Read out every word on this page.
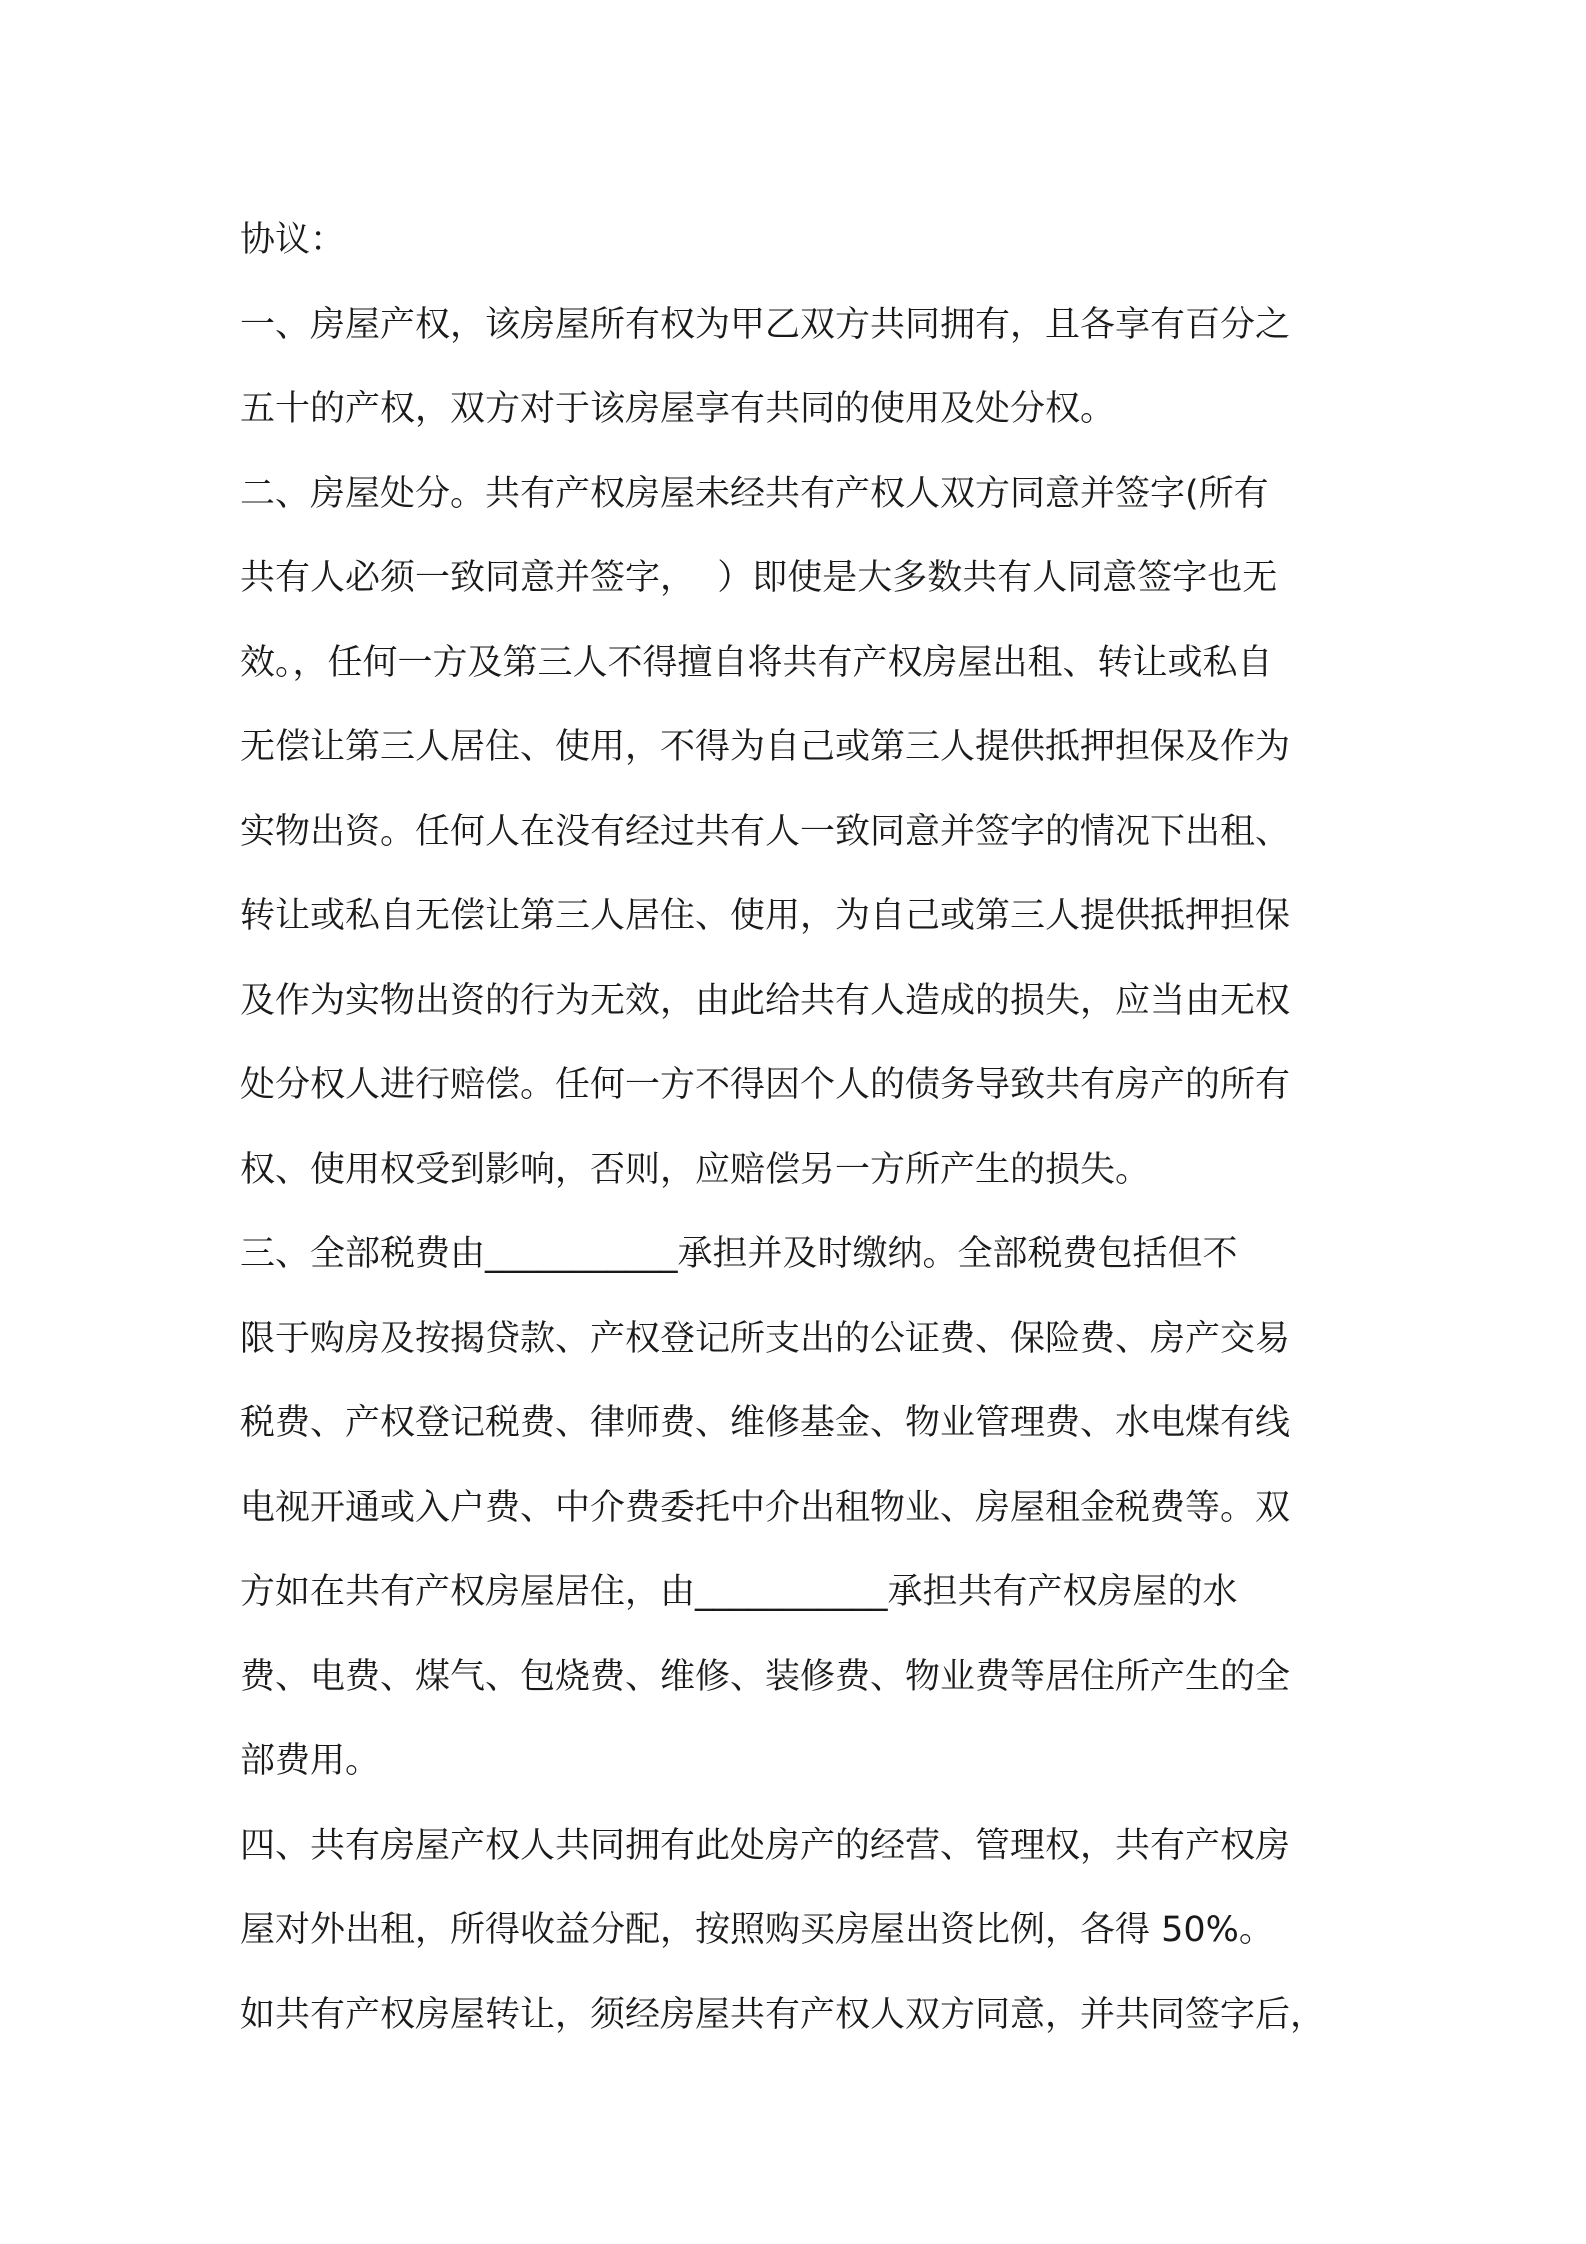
协议：
一、房屋产权，该房屋所有权为甲乙双方共同拥有，且各享有百分之
五十的产权，双方对于该房屋享有共同的使用及处分权。
二、房屋处分。共有产权房屋未经共有产权人双方同意并签字(所有
共有人必须一致同意并签字，  ）即使是大多数共有人同意签字也无
效。，任何一方及第三人不得擅自将共有产权房屋出租、转让或私自
无偿让第三人居住、使用，不得为自己或第三人提供抵押担保及作为
实物出资。任何人在没有经过共有人一致同意并签字的情况下出租、
转让或私自无偿让第三人居住、使用，为自己或第三人提供抵押担保
及作为实物出资的行为无效，由此给共有人造成的损失，应当由无权
处分权人进行赔偿。任何一方不得因个人的债务导致共有房产的所有
权、使用权受到影响，否则，应赔偿另一方所产生的损失。
三、全部税费由___________承担并及时缴纳。全部税费包括但不
限于购房及按揭贷款、产权登记所支出的公证费、保险费、房产交易
税费、产权登记税费、律师费、维修基金、物业管理费、水电煤有线
电视开通或入户费、中介费委托中介出租物业、房屋租金税费等。双
方如在共有产权房屋居住，由___________承担共有产权房屋的水
费、电费、煤气、包烧费、维修、装修费、物业费等居住所产生的全
部费用。
四、共有房屋产权人共同拥有此处房产的经营、管理权，共有产权房
屋对外出租，所得收益分配，按照购买房屋出资比例，各得 50%。
如共有产权房屋转让，须经房屋共有产权人双方同意，并共同签字后，
